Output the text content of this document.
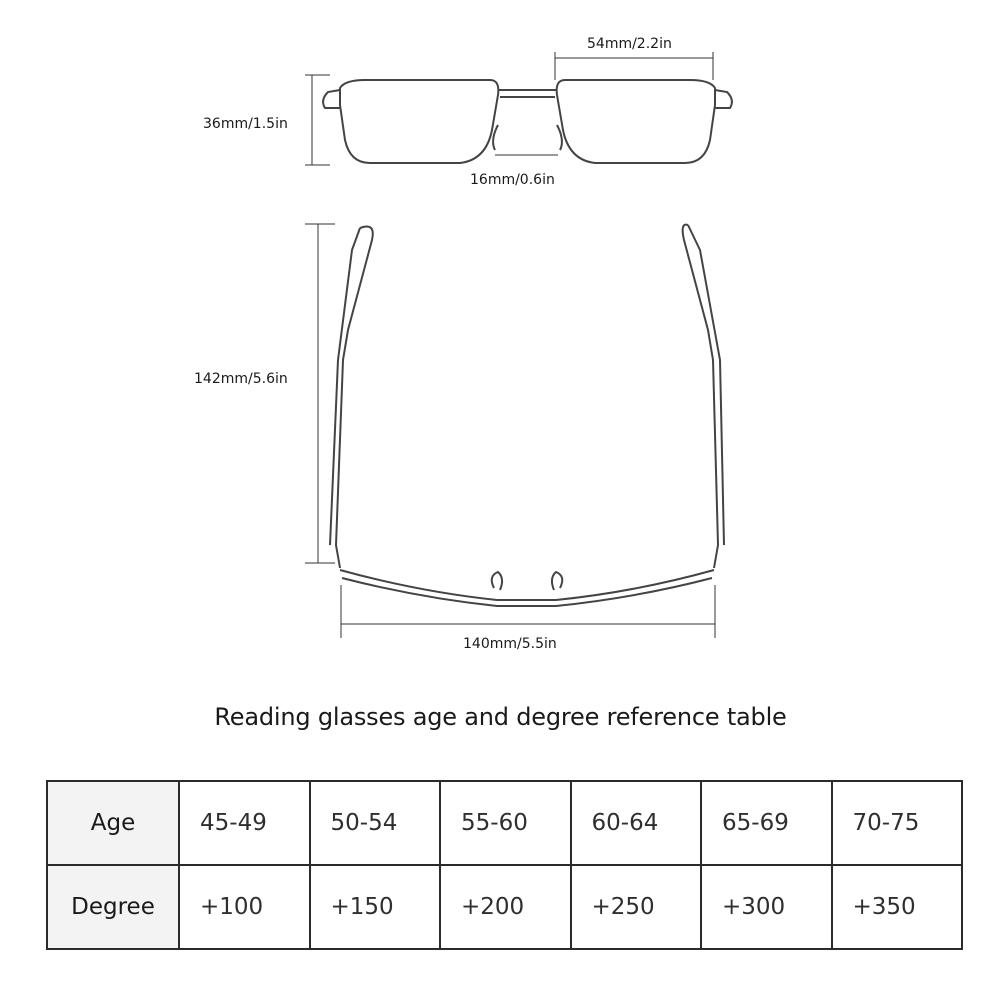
54mm/2.2in
36mm/1.5in
16mm/0.6in
142mm/5.6in
140mm/5.5in
Reading glasses age and degree reference table
Age	45-49	50-54	55-60	60-64	65-69	70-75
Degree	+100	+150	+200	+250	+300	+350
